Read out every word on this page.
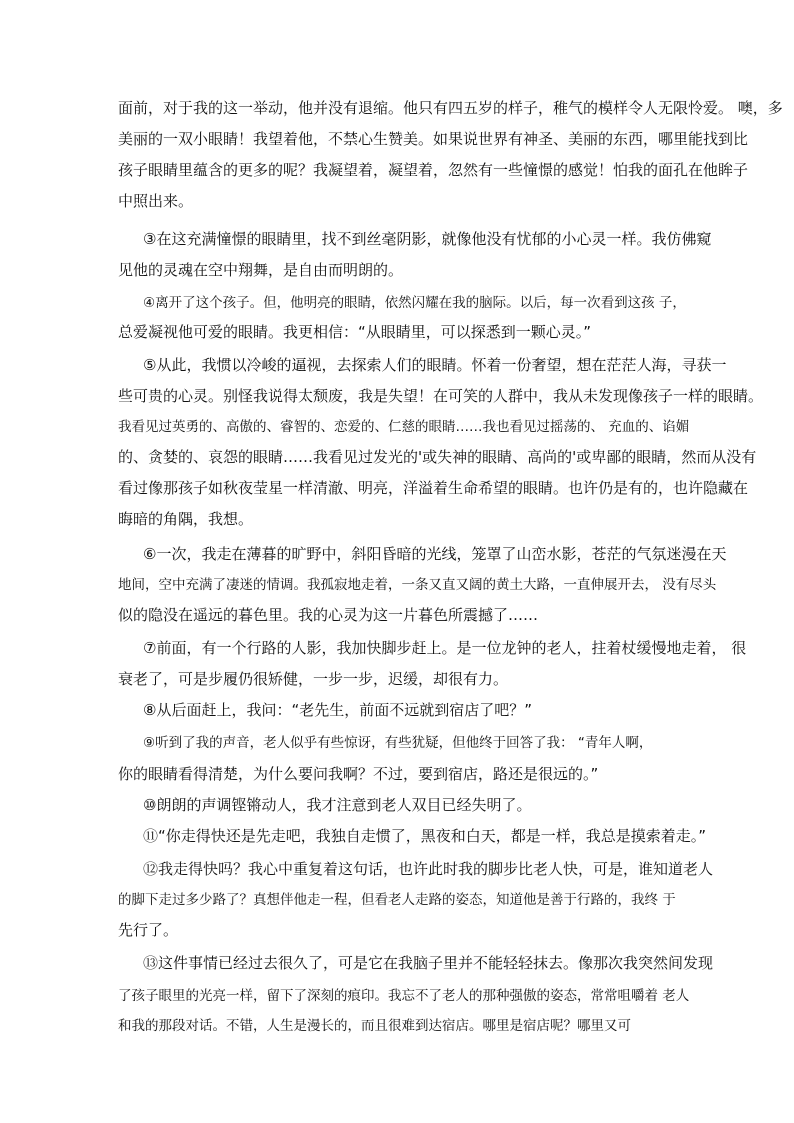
面前，对于我的这一举动，他并没有退缩。他只有四五岁的样子，稚气的模样令人无限怜爱。 噢，多
美丽的一双小眼睛！我望着他，不禁心生赞美。如果说世界有神圣、美丽的东西，哪里能找到比
孩子眼睛里蕴含的更多的呢？我凝望着，凝望着，忽然有一些憧憬的感觉！怕我的面孔在他眸子
中照出来。
③在这充满憧憬的眼睛里，找不到丝毫阴影，就像他没有忧郁的小心灵一样。我仿佛窥
见他的灵魂在空中翔舞，是自由而明朗的。
④离开了这个孩子。但，他明亮的眼睛，依然闪耀在我的脑际。以后，每一次看到这孩 子，
总爱凝视他可爱的眼睛。我更相信：“从眼睛里，可以探悉到一颗心灵。”
⑤从此，我惯以冷峻的逼视，去探索人们的眼睛。怀着一份奢望，想在茫茫人海，寻获一
些可贵的心灵。别怪我说得太颓废，我是失望！在可笑的人群中，我从未发现像孩子一样的眼睛。
我看见过英勇的、高傲的、睿智的、恋爱的、仁慈的眼睛……我也看见过摇荡的、 充血的、谄媚
的、贪婪的、哀怨的眼睛……我看见过发光的'或失神的眼睛、高尚的'或卑鄙的眼睛，然而从没有
看过像那孩子如秋夜莹星一样清澈、明亮，洋溢着生命希望的眼睛。也许仍是有的，也许隐藏在
晦暗的角隅，我想。
⑥一次，我走在薄暮的旷野中，斜阳昏暗的光线，笼罩了山峦水影，苍茫的气氛迷漫在天
地间，空中充满了凄迷的情调。我孤寂地走着，一条又直又阔的黄土大路，一直伸展开去， 没有尽头
似的隐没在遥远的暮色里。我的心灵为这一片暮色所震撼了……
⑦前面，有一个行路的人影，我加快脚步赶上。是一位龙钟的老人，拄着杖缓慢地走着， 很
衰老了，可是步履仍很矫健，一步一步，迟缓，却很有力。
⑧从后面赶上，我问：“老先生，前面不远就到宿店了吧？”
⑨听到了我的声音，老人似乎有些惊讶，有些犹疑，但他终于回答了我： “青年人啊，
你的眼睛看得清楚，为什么要问我啊？不过，要到宿店，路还是很远的。”
⑩朗朗的声调铿锵动人，我才注意到老人双目已经失明了。
⑪“你走得快还是先走吧，我独自走惯了，黑夜和白天，都是一样，我总是摸索着走。”
⑫我走得快吗？我心中重复着这句话，也许此时我的脚步比老人快，可是，谁知道老人
的脚下走过多少路了？真想伴他走一程，但看老人走路的姿态，知道他是善于行路的，我终 于
先行了。
⑬这件事情已经过去很久了，可是它在我脑子里并不能轻轻抹去。像那次我突然间发现
了孩子眼里的光亮一样，留下了深刻的痕印。我忘不了老人的那种强傲的姿态，常常咀嚼着 老人
和我的那段对话。不错，人生是漫长的，而且很难到达宿店。哪里是宿店呢？哪里又可
